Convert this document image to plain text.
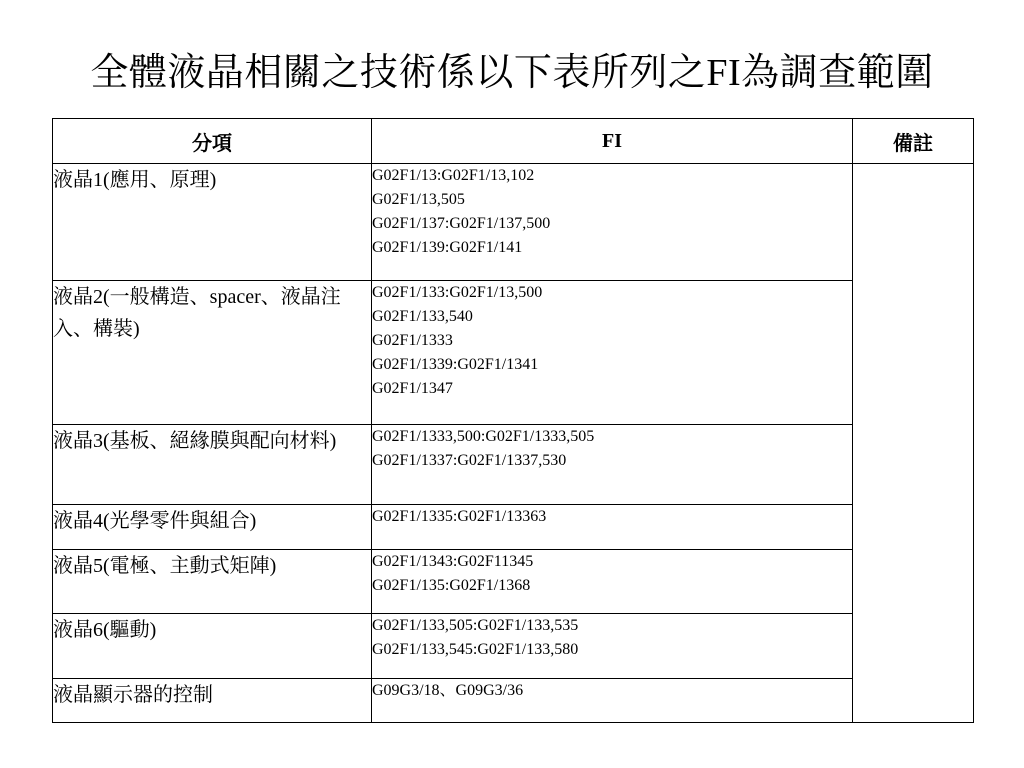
全體液晶相關之技術係以下表所列之FI為調查範圍
分項	FI	備註
液晶1(應用、原理)	G02F1/13:G02F1/13,102
G02F1/13,505
G02F1/137:G02F1/137,500
G02F1/139:G02F1/141	

液晶2(一般構造、spacer、液晶注入、構裝)	G02F1/133:G02F1/13,500
G02F1/133,540
G02F1/1333
G02F1/1339:G02F1/1341
G02F1/1347	

液晶3(基板、絕緣膜與配向材料)	G02F1/1333,500:G02F1/1333,505
G02F1/1337:G02F1/1337,530	

液晶4(光學零件與組合)	G02F1/1335:G02F1/13363	

液晶5(電極、主動式矩陣)	G02F1/1343:G02F11345
G02F1/135:G02F1/1368	

液晶6(驅動)	G02F1/133,505:G02F1/133,535
G02F1/133,545:G02F1/133,580	

液晶顯示器的控制	G09G3/18、G09G3/36	
